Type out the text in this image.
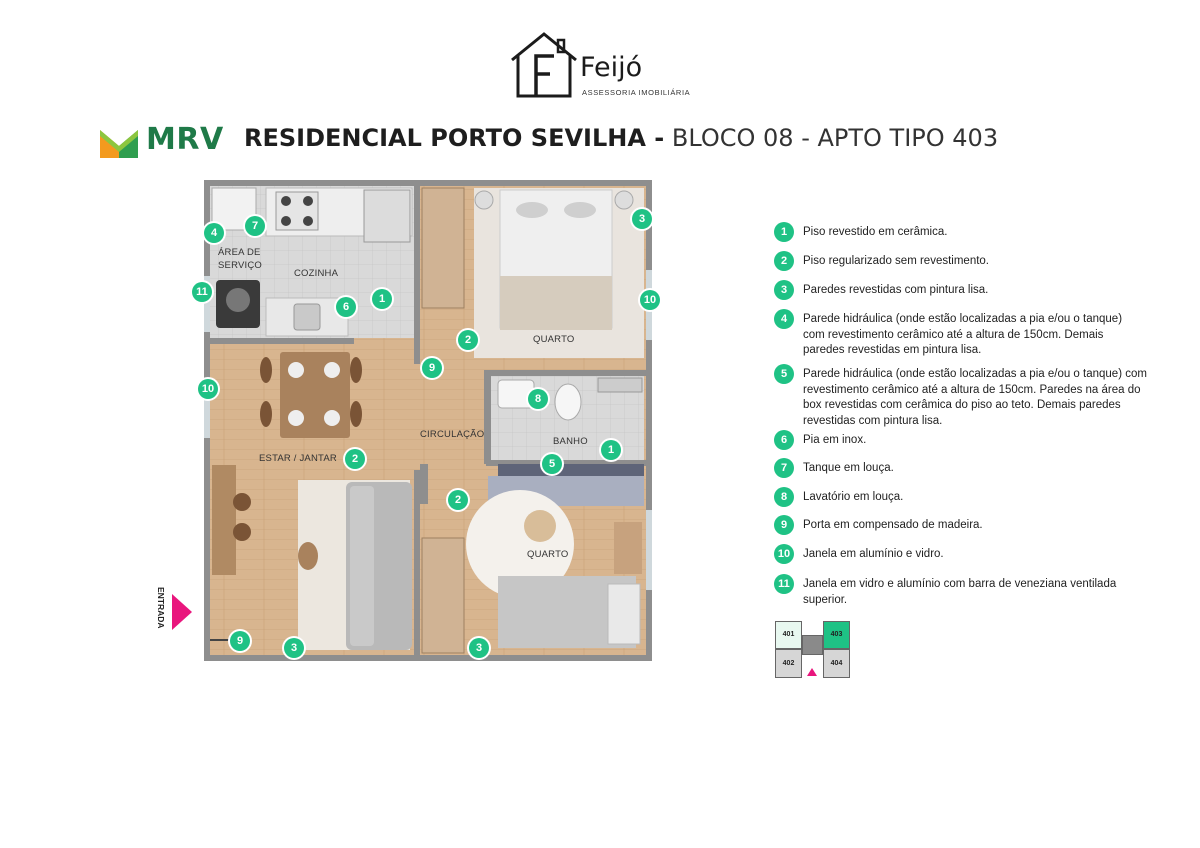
Feijó
ASSESSORIA IMOBILIÁRIA
MRV RESIDENCIAL PORTO SEVILHA - BLOCO 08 - APTO TIPO 403
ÁREA DE SERVIÇO
COZINHA
QUARTO
CIRCULAÇÃO
BANHO
ESTAR / JANTAR
QUARTO
4
7
11
1
6
10
2
9
10
3
2
8
1
5
2
9
3	3
ENTRADA
1	Piso revestido em cerâmica.
2	Piso regularizado sem revestimento.
3	Paredes revestidas com pintura lisa.
4	Parede hidráulica (onde estão localizadas a pia e/ou o tanque) com revestimento cerâmico até a altura de 150cm. Demais paredes revestidas em pintura lisa.
5	Parede hidráulica (onde estão localizadas a pia e/ou o tanque) com revestimento cerâmico até a altura de 150cm. Paredes na área do box revestidas com cerâmica do piso ao teto. Demais paredes revestidas com pintura lisa.
6	Pia em inox.
7	Tanque em louça.
8	Lavatório em louça.
9	Porta em compensado de madeira.
10	Janela em alumínio e vidro.
11	Janela em vidro e alumínio com barra de veneziana ventilada superior.
401	403
402	404
